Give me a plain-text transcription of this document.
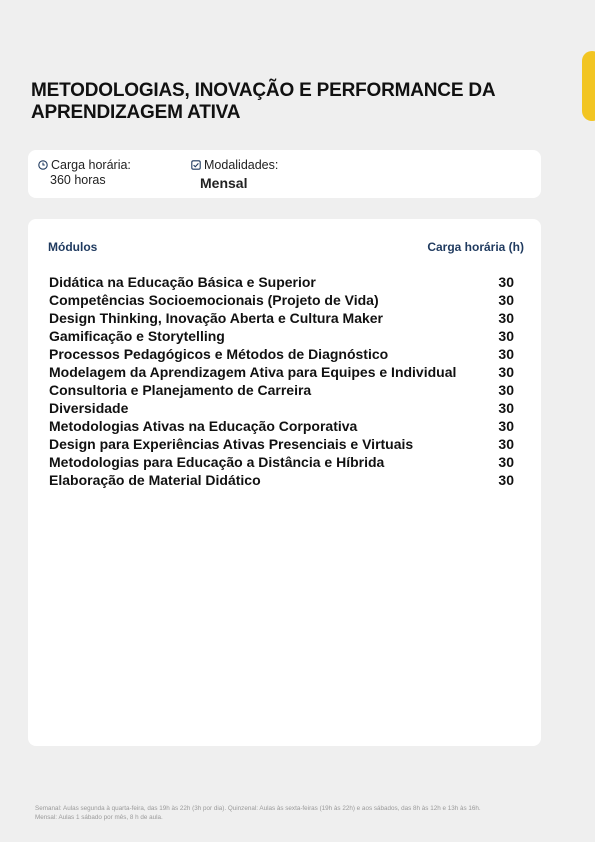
METODOLOGIAS, INOVAÇÃO E PERFORMANCE DA APRENDIZAGEM ATIVA
Carga horária:
360 horas
Modalidades:
Mensal
Módulos	Carga horária (h)
Didática na Educação Básica e Superior	30
Competências Socioemocionais (Projeto de Vida)	30
Design Thinking, Inovação Aberta e Cultura Maker	30
Gamificação e Storytelling	30
Processos Pedagógicos e Métodos de Diagnóstico	30
Modelagem da Aprendizagem Ativa para Equipes e Individual	30
Consultoria e Planejamento de Carreira	30
Diversidade	30
Metodologias Ativas na Educação Corporativa	30
Design para Experiências Ativas Presenciais e Virtuais	30
Metodologias para Educação a Distância e Híbrida	30
Elaboração de Material Didático	30
Semanal: Aulas segunda à quarta-feira, das 19h às 22h (3h por dia). Quinzenal: Aulas às sexta-feiras (19h às 22h) e aos sábados, das 8h às 12h e 13h às 16h.
Mensal: Aulas 1 sábado por mês, 8 h de aula.
